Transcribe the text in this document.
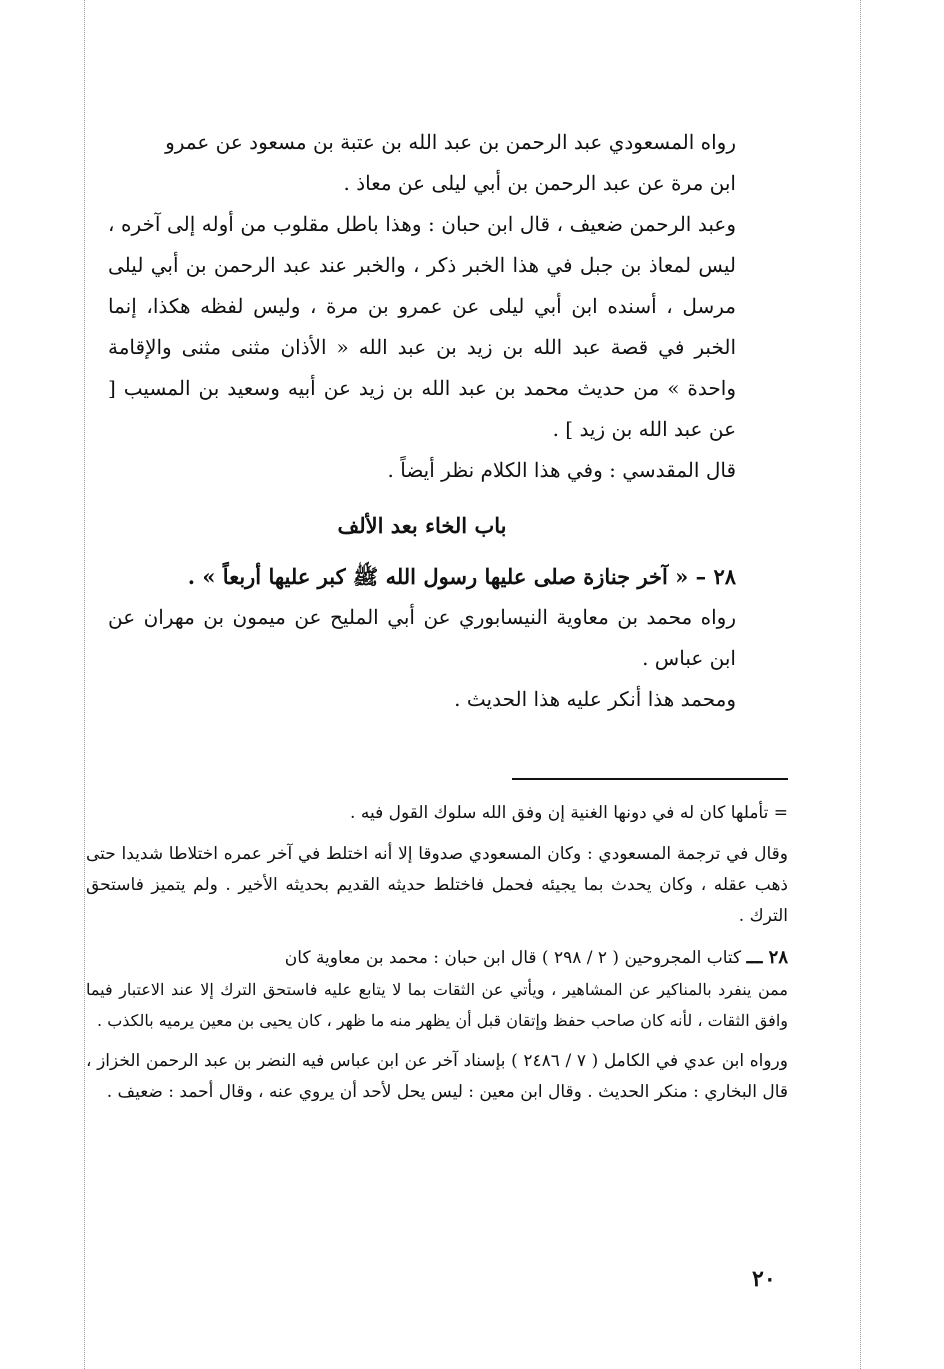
رواه المسعودي عبد الرحمن بن عبد الله بن عتبة بن مسعود عن عمرو
ابن مرة عن عبد الرحمن بن أبي ليلى عن معاذ .

وعبد الرحمن ضعيف ، قال ابن حبان : وهذا باطل مقلوب من أوله إلى آخره ، ليس لمعاذ بن جبل في هذا الخبر ذكر ، والخبر عند عبد الرحمن بن أبي ليلى مرسل ، أسنده ابن أبي ليلى عن عمرو بن مرة ، وليس لفظه هكذا، إنما الخبر في قصة عبد الله بن زيد بن عبد الله « الأذان مثنى مثنى والإقامة واحدة » من حديث محمد بن عبد الله بن زيد عن أبيه وسعيد بن المسيب [ عن عبد الله بن زيد ] .

قال المقدسي : وفي هذا الكلام نظر أيضاً .

باب الخاء بعد الألف

٢٨ – « آخر جنازة صلى عليها رسول الله ﷺ كبر عليها أربعاً » .

رواه محمد بن معاوية النيسابوري عن أبي المليح عن ميمون بن مهران عن ابن عباس .

ومحمد هذا أنكر عليه هذا الحديث .

= تأملها كان له في دونها الغنية إن وفق الله سلوك القول فيه .

وقال في ترجمة المسعودي : وكان المسعودي صدوقا إلا أنه اختلط في آخر عمره اختلاطا شديدا حتى ذهب عقله ، وكان يحدث بما يجيئه فحمل فاختلط حديثه القديم بحديثه الأخير . ولم يتميز فاستحق الترك .

٢٨ ـــ كتاب المجروحين ( ٢ / ٢٩٨ ) قال ابن حبان : محمد بن معاوية كان

ممن ينفرد بالمناكير عن المشاهير ، ويأتي عن الثقات بما لا يتابع عليه فاستحق الترك إلا عند الاعتبار فيما وافق الثقات ، لأنه كان صاحب حفظ وإتقان قبل أن يظهر منه ما ظهر ، كان يحيى بن معين يرميه بالكذب .

ورواه ابن عدي في الكامل ( ٧ / ٢٤٨٦ ) بإسناد آخر عن ابن عباس فيه النضر بن عبد الرحمن الخزاز ، قال البخاري : منكر الحديث . وقال ابن معين : ليس يحل لأحد أن يروي عنه ، وقال أحمد : ضعيف .

٢٠
